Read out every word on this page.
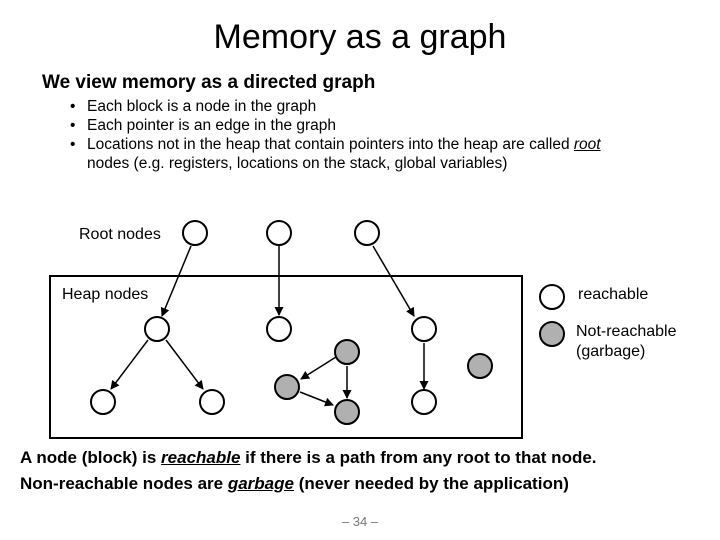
Memory as a graph
We view memory as a directed graph
• Each block is a node in the graph
• Each pointer is an edge in the graph
• Locations not in the heap that contain pointers into the heap are called root
nodes (e.g. registers, locations on the stack, global variables)
Root nodes
Heap nodes	reachable
Not-reachable (garbage)
A node (block) is reachable if there is a path from any root to that node.
Non-reachable nodes are garbage (never needed by the application)
– 34 –
